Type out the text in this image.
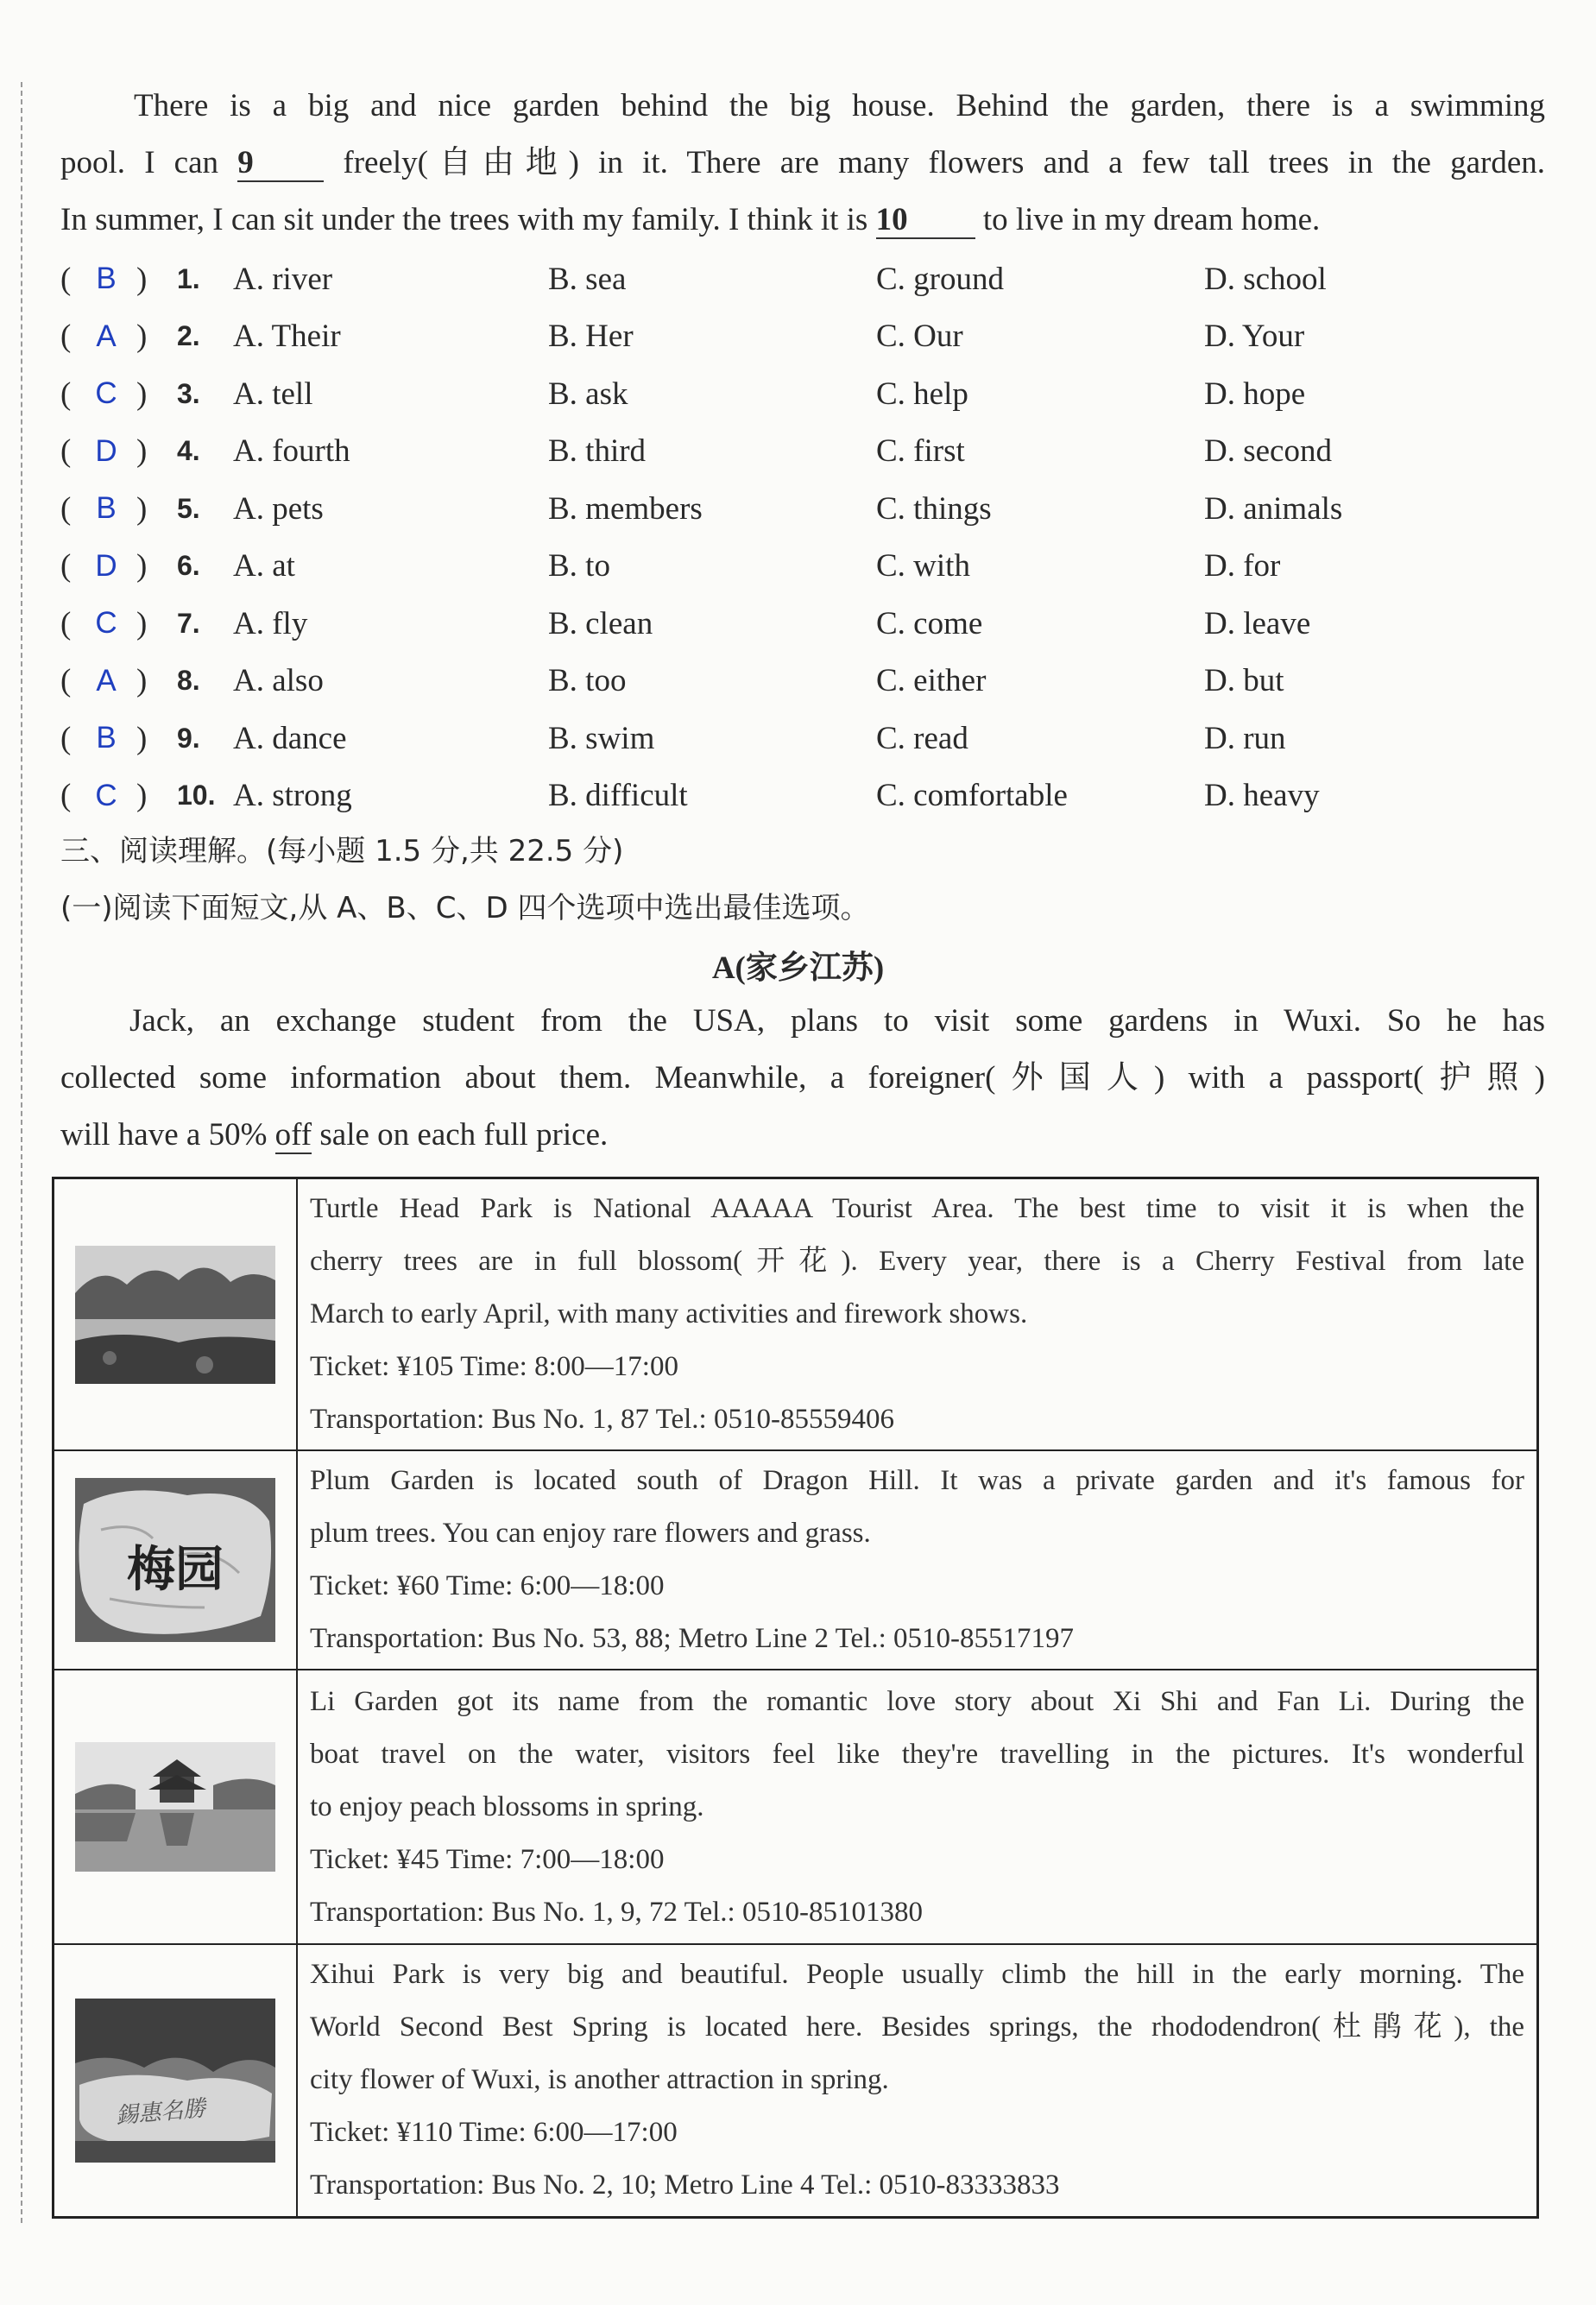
There is a big and nice garden behind the big house. Behind the garden, there is a swimming

pool. I can 9	freely(自由地) in it. There are many flowers and a few tall trees in the garden.

In summer, I can sit under the trees with my family. I think it is 10 to live in my dream home.

( B ) 1.	A. river	B. sea	C. ground	D. school
( A ) 2.	A. Their	B. Her	C. Our	D. Your
( C ) 3.	A. tell	B. ask	C. help	D. hope
( D ) 4.	A. fourth	B. third	C. first	D. second
( B ) 5.	A. pets	B. members	C. things	D. animals
( D ) 6.	A. at	B. to	C. with	D. for
( C ) 7.	A. fly	B. clean	C. come	D. leave
( A ) 8.	A. also	B. too	C. either	D. but
( B ) 9.	A. dance	B. swim	C. read	D. run
( C ) 10. A. strong	B. difficult	C. comfortable	D. heavy
三、阅读理解。(每小题 1.5 分,共 22.5 分)
(一)阅读下面短文,从 A、B、C、D 四个选项中选出最佳选项。
A(家乡江苏)

Jack, an exchange student from the USA, plans to visit some gardens in Wuxi. So he has

collected some information about them. Meanwhile, a foreigner(外国人) with a passport(护照)

will have a 50% off sale on each full price.

Turtle Head Park is National AAAAA Tourist Area. The best time to visit it is when the

cherry trees are in full blossom(开花). Every year, there is a Cherry Festival from late

March to early April, with many activities and firework shows.

Ticket: ¥105 Time: 8:00—17:00

Transportation: Bus No. 1, 87 Tel.: 0510-85559406

梅园	Plum Garden is located south of Dragon Hill. It was a private garden and it's famous for

plum trees. You can enjoy rare flowers and grass.

Ticket: ¥60 Time: 6:00—18:00

Transportation: Bus No. 53, 88; Metro Line 2 Tel.: 0510-85517197

Li Garden got its name from the romantic love story about Xi Shi and Fan Li. During the

boat travel on the water, visitors feel like they're travelling in the pictures. It's wonderful

to enjoy peach blossoms in spring.

Ticket: ¥45 Time: 7:00—18:00

Transportation: Bus No. 1, 9, 72 Tel.: 0510-85101380

錫惠名勝	Xihui Park is very big and beautiful. People usually climb the hill in the early morning. The

World Second Best Spring is located here. Besides springs, the rhododendron(杜鹃花), the

city flower of Wuxi, is another attraction in spring.

Ticket: ¥110 Time: 6:00—17:00

Transportation: Bus No. 2, 10; Metro Line 4 Tel.: 0510-83333833
